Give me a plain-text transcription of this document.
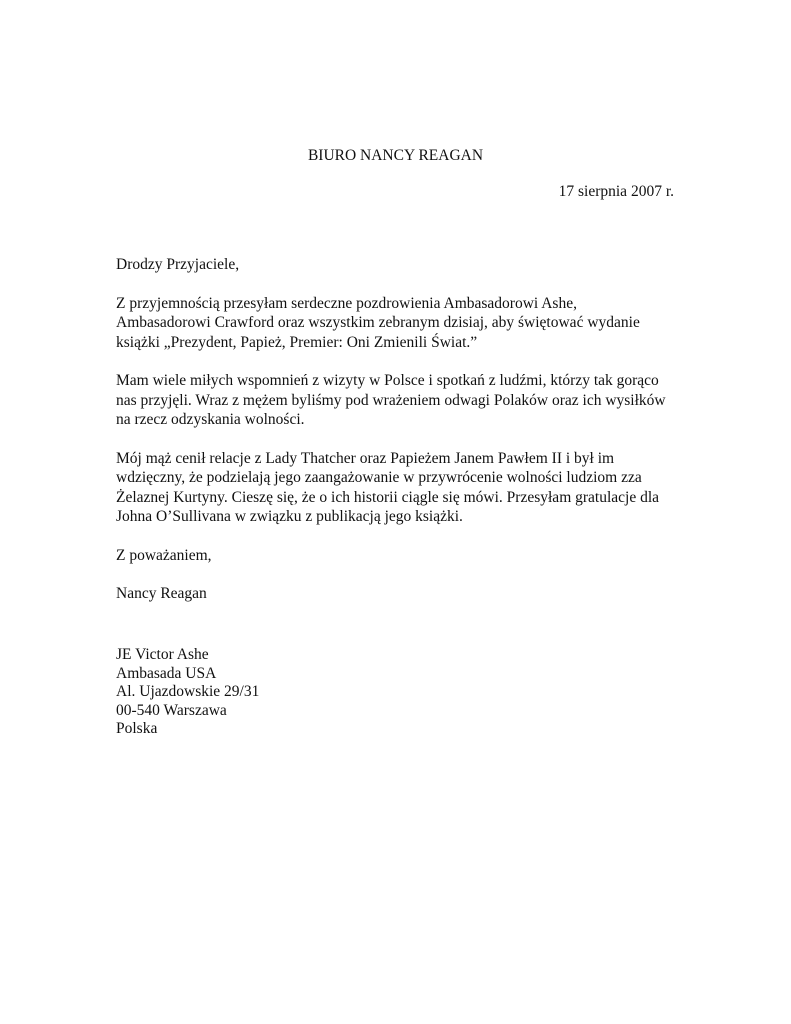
BIURO NANCY REAGAN
17 sierpnia 2007 r.

Drodzy Przyjaciele,

Z przyjemnością przesyłam serdeczne pozdrowienia Ambasadorowi Ashe,
Ambasadorowi Crawford oraz wszystkim zebranym dzisiaj, aby świętować wydanie
książki „Prezydent, Papież, Premier: Oni Zmienili Świat.”

Mam wiele miłych wspomnień z wizyty w Polsce i spotkań z ludźmi, którzy tak gorąco
nas przyjęli. Wraz z mężem byliśmy pod wrażeniem odwagi Polaków oraz ich wysiłków
na rzecz odzyskania wolności.

Mój mąż cenił relacje z Lady Thatcher oraz Papieżem Janem Pawłem II i był im
wdzięczny, że podzielają jego zaangażowanie w przywrócenie wolności ludziom zza
Żelaznej Kurtyny. Cieszę się, że o ich historii ciągle się mówi. Przesyłam gratulacje dla
Johna O’Sullivana w związku z publikacją jego książki.

Z poważaniem,

Nancy Reagan

JE Victor Ashe
Ambasada USA
Al. Ujazdowskie 29/31
00-540 Warszawa
Polska
